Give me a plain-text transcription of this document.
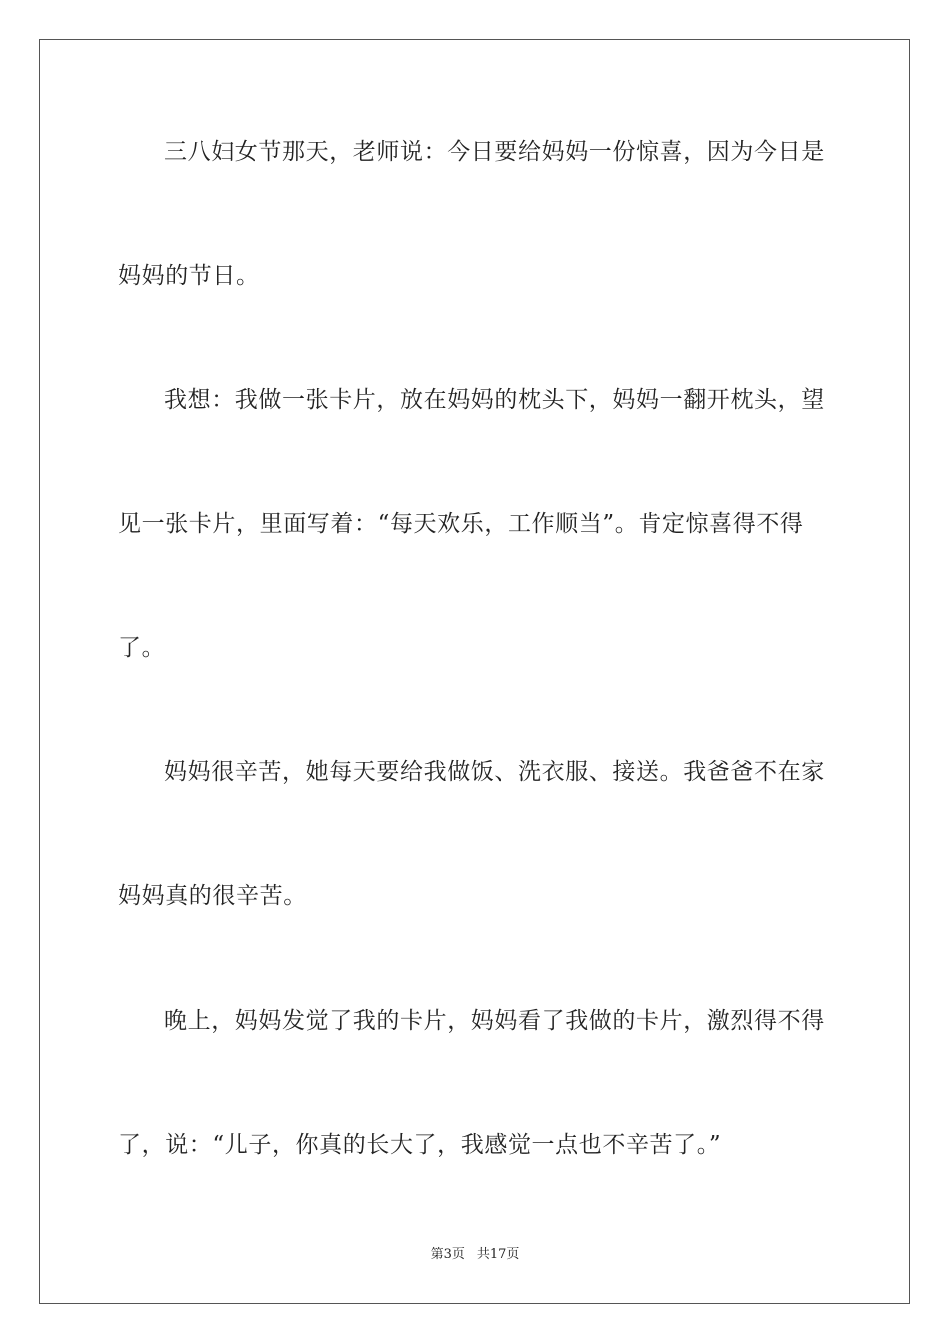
三八妇女节那天，老师说：今日要给妈妈一份惊喜，因为今日是
妈妈的节日。
我想：我做一张卡片，放在妈妈的枕头下，妈妈一翻开枕头，望
见一张卡片，里面写着：“每天欢乐，工作顺当”。肯定惊喜得不得
了。
妈妈很辛苦，她每天要给我做饭、洗衣服、接送。我爸爸不在家
妈妈真的很辛苦。
晚上，妈妈发觉了我的卡片，妈妈看了我做的卡片，激烈得不得
了，说：“儿子，你真的长大了，我感觉一点也不辛苦了。”
第3页 共17页
